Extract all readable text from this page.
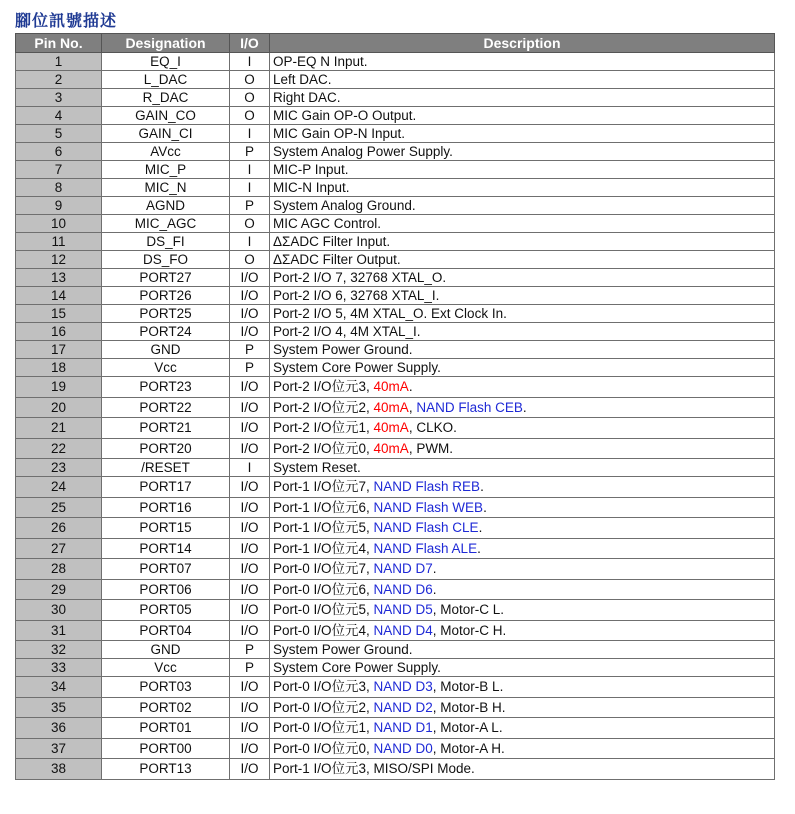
腳位訊號描述
Pin No.	Designation	I/O	Description
1	EQ_I	I	OP-EQ N Input.
2	L_DAC	O	Left DAC.
3	R_DAC	O	Right DAC.
4	GAIN_CO	O	MIC Gain OP-O Output.
5	GAIN_CI	I	MIC Gain OP-N Input.
6	AVcc	P	System Analog Power Supply.
7	MIC_P	I	MIC-P Input.
8	MIC_N	I	MIC-N Input.
9	AGND	P	System Analog Ground.
10	MIC_AGC	O	MIC AGC Control.
11	DS_FI	I	ΔΣADC Filter Input.
12	DS_FO	O	ΔΣADC Filter Output.
13	PORT27	I/O	Port-2 I/O 7, 32768 XTAL_O.
14	PORT26	I/O	Port-2 I/O 6, 32768 XTAL_I.
15	PORT25	I/O	Port-2 I/O 5, 4M XTAL_O. Ext Clock In.
16	PORT24	I/O	Port-2 I/O 4, 4M XTAL_I.
17	GND	P	System Power Ground.
18	Vcc	P	System Core Power Supply.
19	PORT23	I/O	Port-2 I/O位元3, 40mA.
20	PORT22	I/O	Port-2 I/O位元2, 40mA, NAND Flash CEB.
21	PORT21	I/O	Port-2 I/O位元1, 40mA, CLKO.
22	PORT20	I/O	Port-2 I/O位元0, 40mA, PWM.
23	/RESET	I	System Reset.
24	PORT17	I/O	Port-1 I/O位元7, NAND Flash REB.
25	PORT16	I/O	Port-1 I/O位元6, NAND Flash WEB.
26	PORT15	I/O	Port-1 I/O位元5, NAND Flash CLE.
27	PORT14	I/O	Port-1 I/O位元4, NAND Flash ALE.
28	PORT07	I/O	Port-0 I/O位元7, NAND D7.
29	PORT06	I/O	Port-0 I/O位元6, NAND D6.
30	PORT05	I/O	Port-0 I/O位元5, NAND D5, Motor-C L.
31	PORT04	I/O	Port-0 I/O位元4, NAND D4, Motor-C H.
32	GND	P	System Power Ground.
33	Vcc	P	System Core Power Supply.
34	PORT03	I/O	Port-0 I/O位元3, NAND D3, Motor-B L.
35	PORT02	I/O	Port-0 I/O位元2, NAND D2, Motor-B H.
36	PORT01	I/O	Port-0 I/O位元1, NAND D1, Motor-A L.
37	PORT00	I/O	Port-0 I/O位元0, NAND D0, Motor-A H.
38	PORT13	I/O	Port-1 I/O位元3, MISO/SPI Mode.
